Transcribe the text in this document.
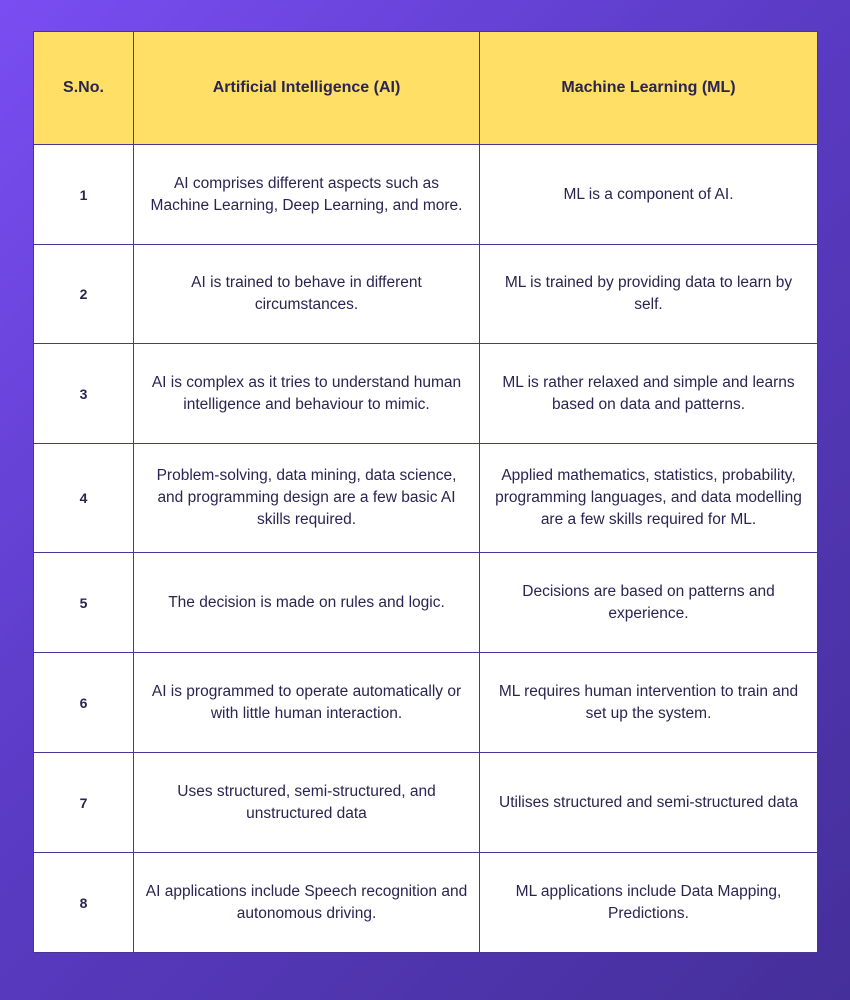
S.No.	Artificial Intelligence (AI)	Machine Learning (ML)
1	AI comprises different aspects such as Machine Learning, Deep Learning, and more.	ML is a component of AI.
2	AI is trained to behave in different circumstances.	ML is trained by providing data to learn by self.
3	AI is complex as it tries to understand human intelligence and behaviour to mimic.	ML is rather relaxed and simple and learns based on data and patterns.
4	Problem-solving, data mining, data science, and programming design are a few basic AI skills required.	Applied mathematics, statistics, probability, programming languages, and data modelling are a few skills required for ML.
5	The decision is made on rules and logic.	Decisions are based on patterns and experience.
6	AI is programmed to operate automatically or with little human interaction.	ML requires human intervention to train and set up the system.
7	Uses structured, semi-structured, and unstructured data	Utilises structured and semi-structured data
8	AI applications include Speech recognition and autonomous driving.	ML applications include Data Mapping, Predictions.
